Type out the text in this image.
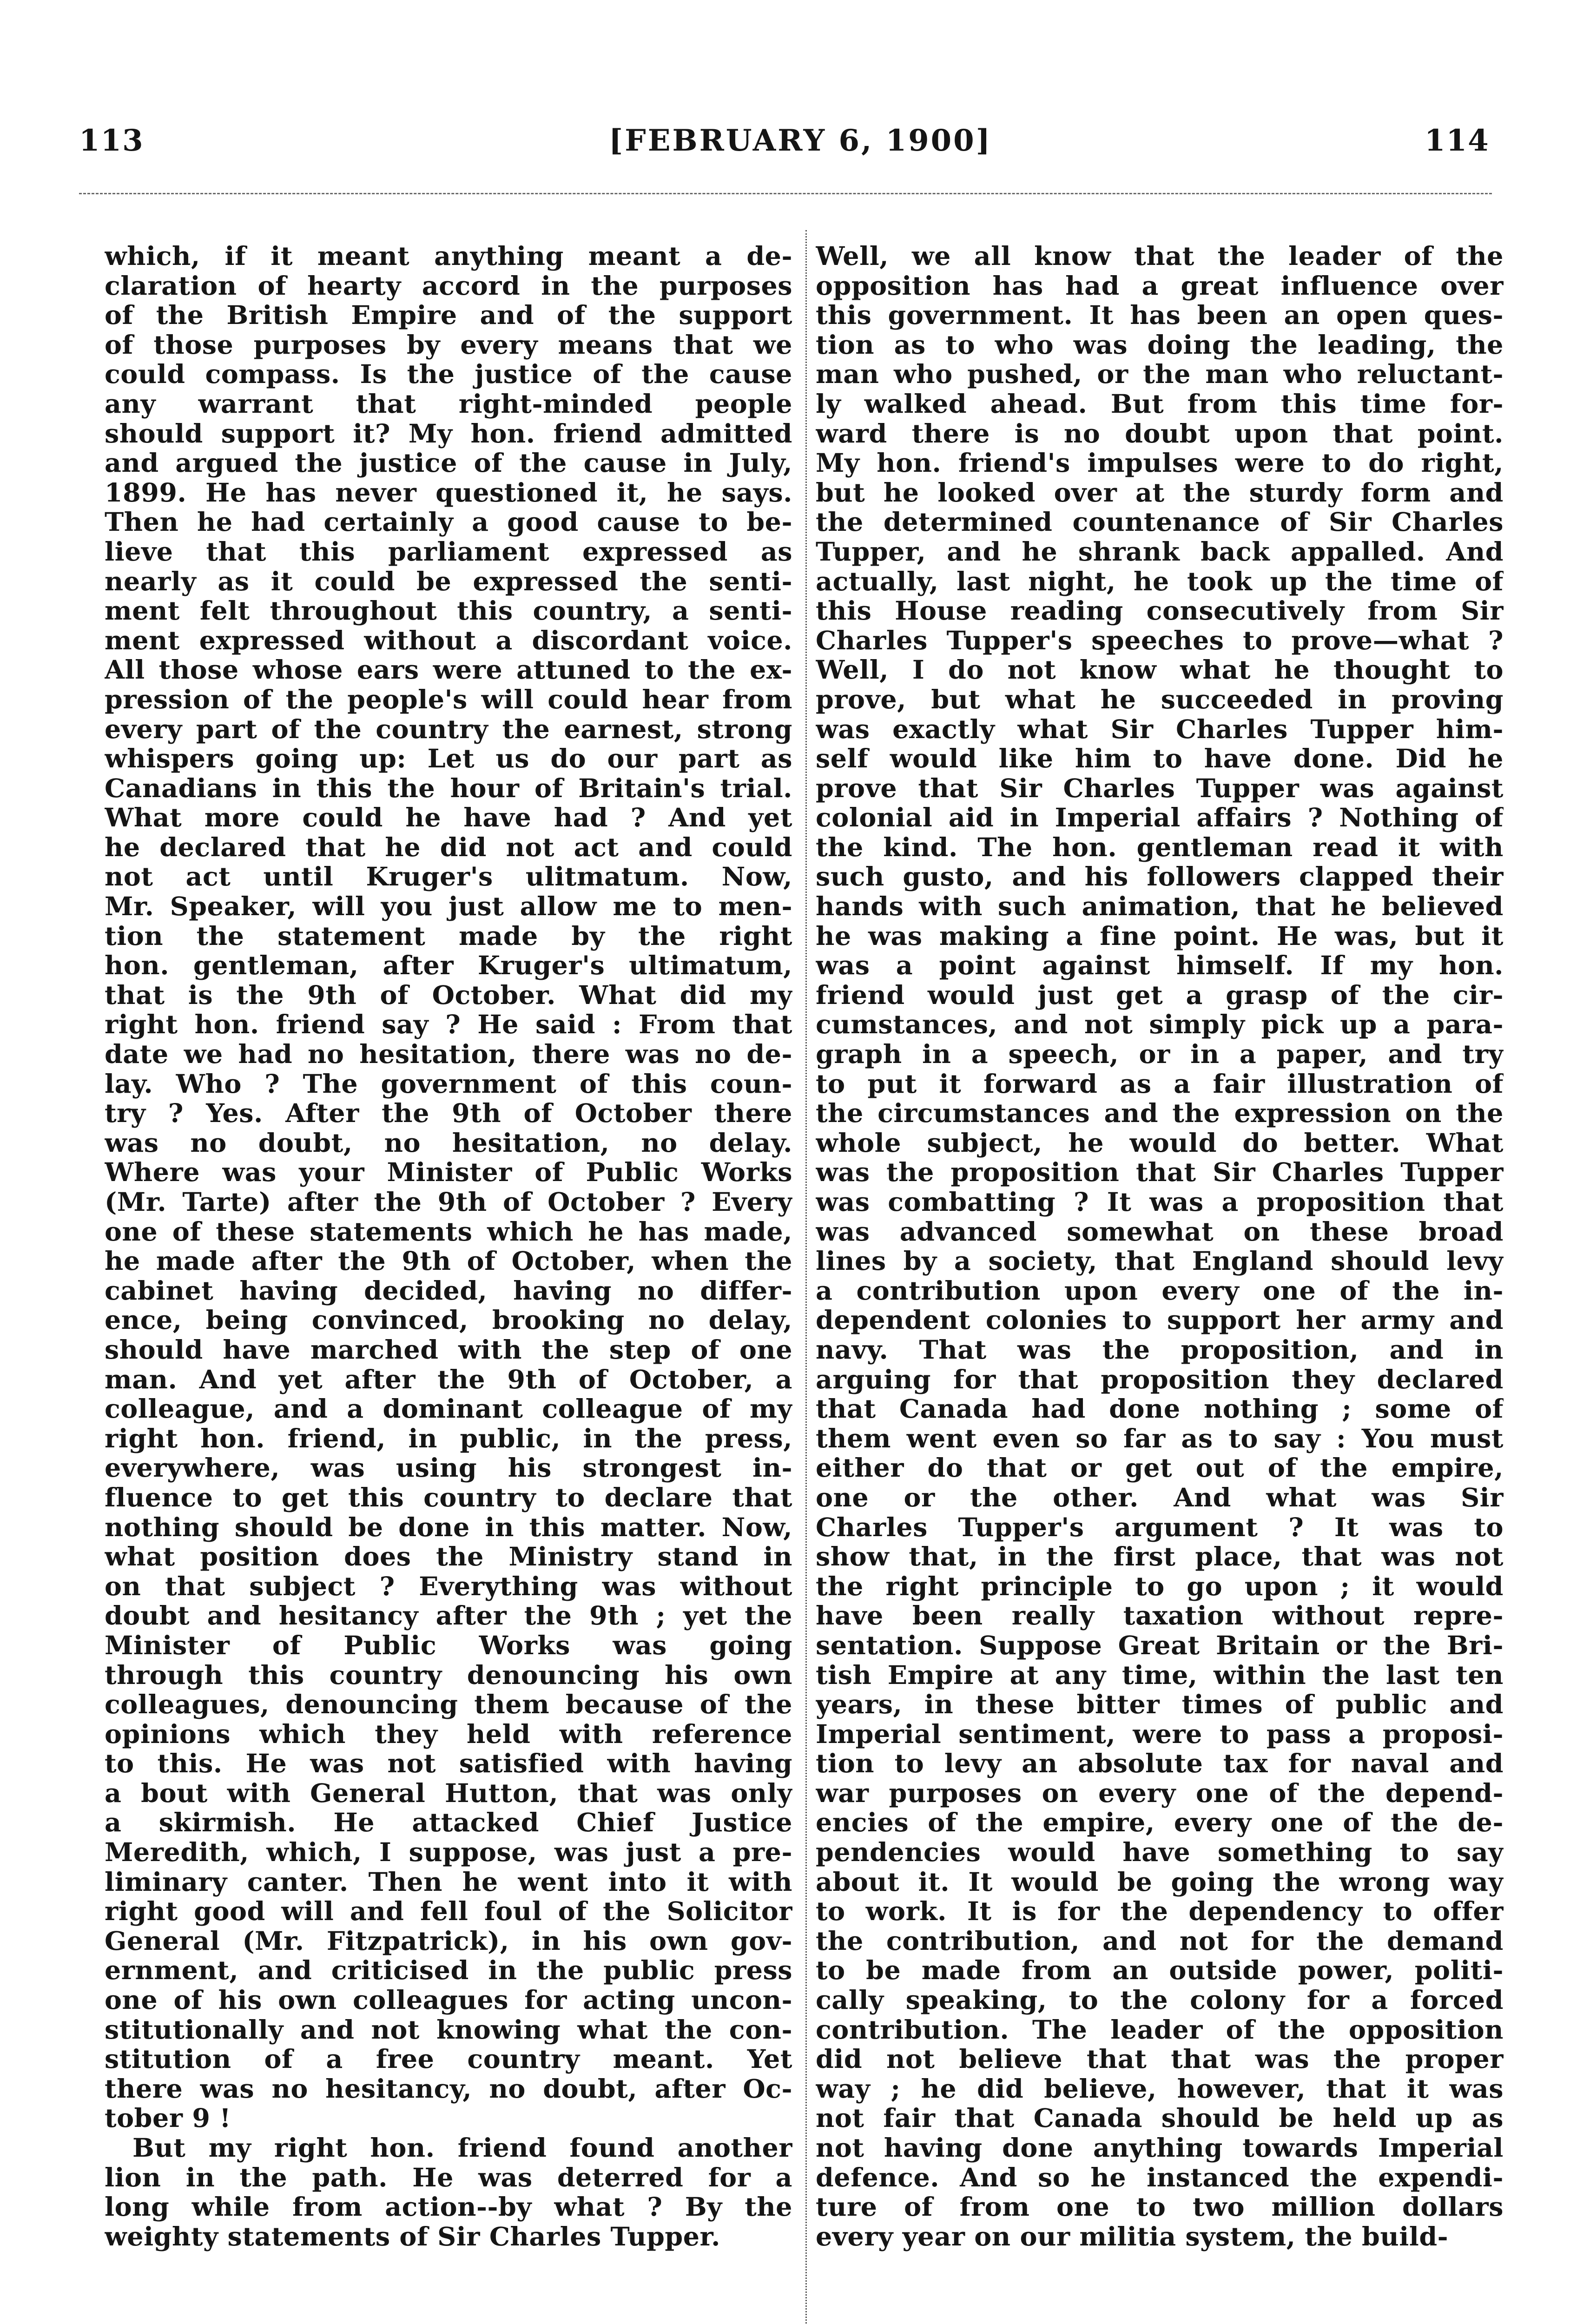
113	[FEBRUARY 6, 1900]	114
which, if it meant anything meant a de-
claration of hearty accord in the purposes
of the British Empire and of the support
of those purposes by every means that we
could compass. Is the justice of the cause
any warrant that right-minded people
should support it? My hon. friend admitted
and argued the justice of the cause in July,
1899. He has never questioned it, he says.
Then he had certainly a good cause to be-
lieve that this parliament expressed as
nearly as it could be expressed the senti-
ment felt throughout this country, a senti-
ment expressed without a discordant voice.
All those whose ears were attuned to the ex-
pression of the people's will could hear from
every part of the country the earnest, strong
whispers going up: Let us do our part as
Canadians in this the hour of Britain's trial.
What more could he have had ? And yet
he declared that he did not act and could
not act until Kruger's ulitmatum. Now,
Mr. Speaker, will you just allow me to men-
tion the statement made by the right
hon. gentleman, after Kruger's ultimatum,
that is the 9th of October. What did my
right hon. friend say ? He said : From that
date we had no hesitation, there was no de-
lay. Who ? The government of this coun-
try ? Yes. After the 9th of October there
was no doubt, no hesitation, no delay.
Where was your Minister of Public Works
(Mr. Tarte) after the 9th of October ? Every
one of these statements which he has made,
he made after the 9th of October, when the
cabinet having decided, having no differ-
ence, being convinced, brooking no delay,
should have marched with the step of one
man. And yet after the 9th of October, a
colleague, and a dominant colleague of my
right hon. friend, in public, in the press,
everywhere, was using his strongest in-
fluence to get this country to declare that
nothing should be done in this matter. Now,
what position does the Ministry stand in
on that subject ? Everything was without
doubt and hesitancy after the 9th ; yet the
Minister of Public Works was going
through this country denouncing his own
colleagues, denouncing them because of the
opinions which they held with reference
to this. He was not satisfied with having
a bout with General Hutton, that was only
a skirmish. He attacked Chief Justice
Meredith, which, I suppose, was just a pre-
liminary canter. Then he went into it with
right good will and fell foul of the Solicitor
General (Mr. Fitzpatrick), in his own gov-
ernment, and criticised in the public press
one of his own colleagues for acting uncon-
stitutionally and not knowing what the con-
stitution of a free country meant. Yet
there was no hesitancy, no doubt, after Oc-
tober 9 !
But my right hon. friend found another
lion in the path. He was deterred for a
long while from action--by what ? By the
weighty statements of Sir Charles Tupper.
Well, we all know that the leader of the
opposition has had a great influence over
this government. It has been an open ques-
tion as to who was doing the leading, the
man who pushed, or the man who reluctant-
ly walked ahead. But from this time for-
ward there is no doubt upon that point.
My hon. friend's impulses were to do right,
but he looked over at the sturdy form and
the determined countenance of Sir Charles
Tupper, and he shrank back appalled. And
actually, last night, he took up the time of
this House reading consecutively from Sir
Charles Tupper's speeches to prove—what ?
Well, I do not know what he thought to
prove, but what he succeeded in proving
was exactly what Sir Charles Tupper him-
self would like him to have done. Did he
prove that Sir Charles Tupper was against
colonial aid in Imperial affairs ? Nothing of
the kind. The hon. gentleman read it with
such gusto, and his followers clapped their
hands with such animation, that he believed
he was making a fine point. He was, but it
was a point against himself. If my hon.
friend would just get a grasp of the cir-
cumstances, and not simply pick up a para-
graph in a speech, or in a paper, and try
to put it forward as a fair illustration of
the circumstances and the expression on the
whole subject, he would do better. What
was the proposition that Sir Charles Tupper
was combatting ? It was a proposition that
was advanced somewhat on these broad
lines by a society, that England should levy
a contribution upon every one of the in-
dependent colonies to support her army and
navy. That was the proposition, and in
arguing for that proposition they declared
that Canada had done nothing ; some of
them went even so far as to say : You must
either do that or get out of the empire,
one or the other. And what was Sir
Charles Tupper's argument ? It was to
show that, in the first place, that was not
the right principle to go upon ; it would
have been really taxation without repre-
sentation. Suppose Great Britain or the Bri-
tish Empire at any time, within the last ten
years, in these bitter times of public and
Imperial sentiment, were to pass a proposi-
tion to levy an absolute tax for naval and
war purposes on every one of the depend-
encies of the empire, every one of the de-
pendencies would have something to say
about it. It would be going the wrong way
to work. It is for the dependency to offer
the contribution, and not for the demand
to be made from an outside power, politi-
cally speaking, to the colony for a forced
contribution. The leader of the opposition
did not believe that that was the proper
way ; he did believe, however, that it was
not fair that Canada should be held up as
not having done anything towards Imperial
defence. And so he instanced the expendi-
ture of from one to two million dollars
every year on our militia system, the build-
